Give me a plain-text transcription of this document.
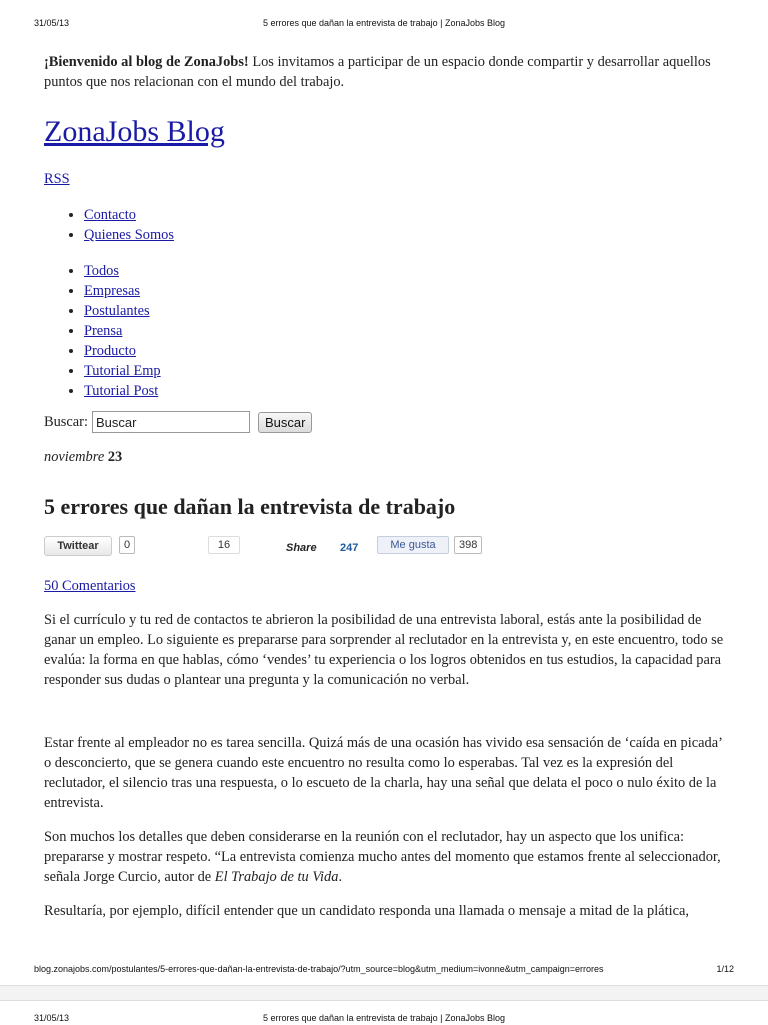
31/05/13	5 errores que dañan la entrevista de trabajo | ZonaJobs Blog

¡Bienvenido al blog de ZonaJobs! Los invitamos a participar de un espacio donde compartir y desarrollar aquellos puntos que nos relacionan con el mundo del trabajo.

ZonaJobs Blog
RSS
• Contacto
• Quienes Somos
• Todos
• Empresas
• Postulantes
• Prensa
• Producto
• Tutorial Emp
• Tutorial Post
Buscar:
Buscar	Buscar
noviembre 23
5 errores que dañan la entrevista de trabajo
Twittear	0	16	Share 247	Me gusta	398
50 Comentarios

Si el currículo y tu red de contactos te abrieron la posibilidad de una entrevista laboral, estás ante la posibilidad de ganar un empleo. Lo siguiente es prepararse para sorprender al reclutador en la entrevista y, en este encuentro, todo se evalúa: la forma en que hablas, cómo ‘vendes’ tu experiencia o los logros obtenidos en tus estudios, la capacidad para responder sus dudas o plantear una pregunta y la comunicación no verbal.

Estar frente al empleador no es tarea sencilla. Quizá más de una ocasión has vivido esa sensación de ‘caída en picada’ o desconcierto, que se genera cuando este encuentro no resulta como lo esperabas. Tal vez es la expresión del reclutador, el silencio tras una respuesta, o lo escueto de la charla, hay una señal que delata el poco o nulo éxito de la entrevista.

Son muchos los detalles que deben considerarse en la reunión con el reclutador, hay un aspecto que los unifica: prepararse y mostrar respeto. “La entrevista comienza mucho antes del momento que estamos frente al seleccionador, señala Jorge Curcio, autor de El Trabajo de tu Vida.

Resultaría, por ejemplo, difícil entender que un candidato responda una llamada o mensaje a mitad de la plática,

blog.zonajobs.com/postulantes/5-errores-que-dañan-la-entrevista-de-trabajo/?utm_source=blog&utm_medium=ivonne&utm_campaign=errores	1/12
31/05/13	5 errores que dañan la entrevista de trabajo | ZonaJobs Blog
